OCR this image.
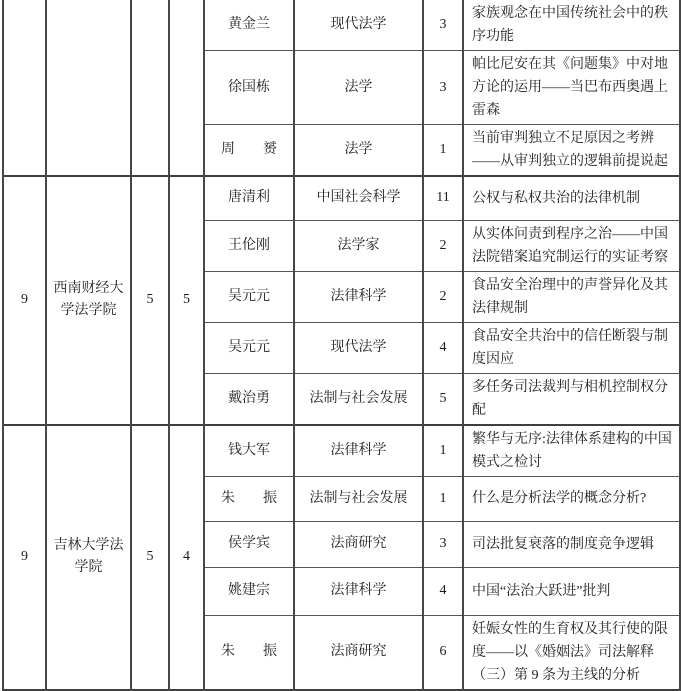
				黄金兰	现代法学	3	家族观念在中国传统社会中的秩序功能
				徐国栋	法学	3	帕比尼安在其《问题集》中对地方论的运用——当巴布西奥遇上雷森
				周　　赟	法学	1	当前审判独立不足原因之考辨——从审判独立的逻辑前提说起
9	西南财经大学法学院	5	5	唐清利	中国社会科学	11	公权与私权共治的法律机制
				王伦刚	法学家	2	从实体问责到程序之治——中国法院错案追究制运行的实证考察
				吴元元	法律科学	2	食品安全治理中的声誉异化及其法律规制
				吴元元	现代法学	4	食品安全共治中的信任断裂与制度因应
				戴治勇	法制与社会发展	5	多任务司法裁判与相机控制权分配
9	吉林大学法学院	5	4	钱大军	法律科学	1	繁华与无序:法律体系建构的中国模式之检讨
				朱　　振	法制与社会发展	1	什么是分析法学的概念分析?
				侯学宾	法商研究	3	司法批复衰落的制度竞争逻辑
				姚建宗	法律科学	4	中国“法治大跃进”批判
				朱　　振	法商研究	6	妊娠女性的生育权及其行使的限度——以《婚姻法》司法解释（三）第 9 条为主线的分析
